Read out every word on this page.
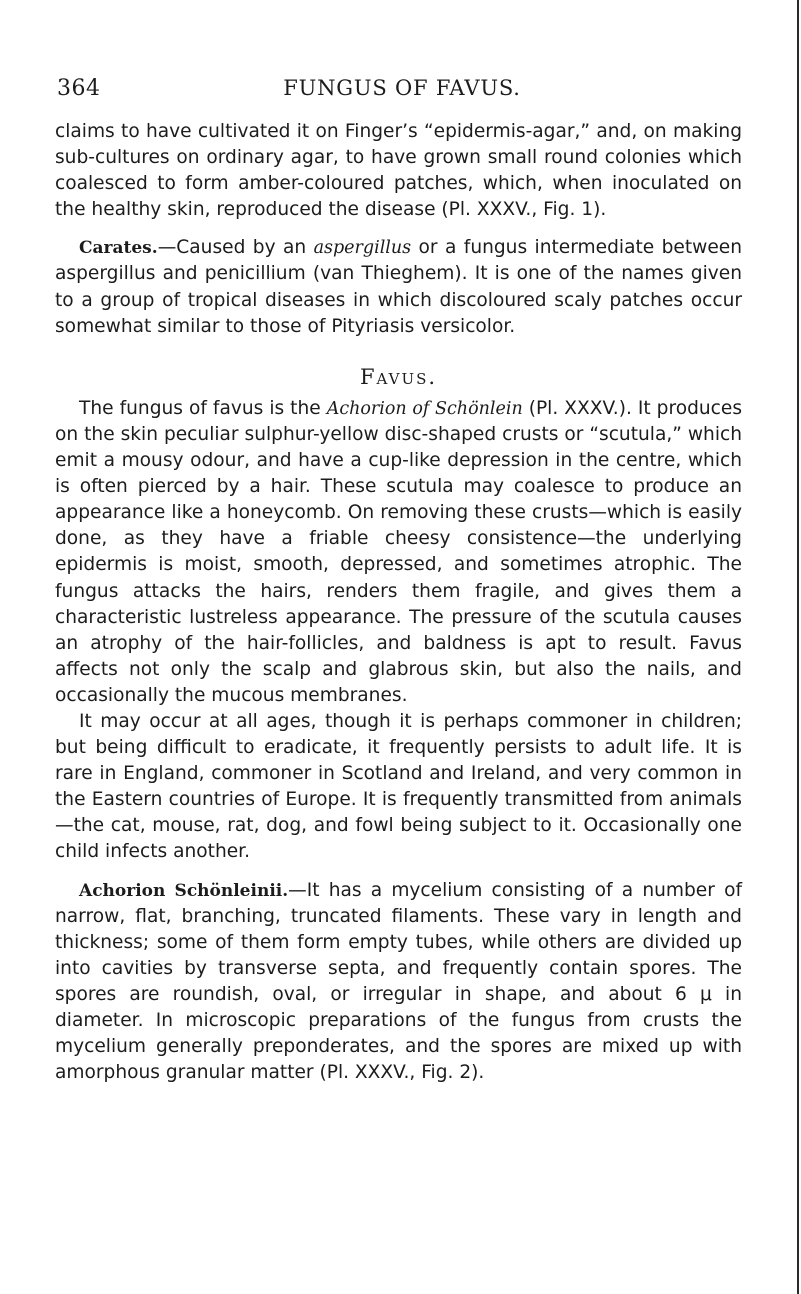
364	FUNGUS OF FAVUS.

claims to have cultivated it on Finger’s “epidermis-agar,” and, on making sub-cultures on ordinary agar, to have grown small round colonies which coalesced to form amber-coloured patches, which, when inoculated on the healthy skin, reproduced the disease (Pl. XXXV., Fig. 1).

Carates.—Caused by an aspergillus or a fungus intermediate between aspergillus and penicillium (van Thieghem). It is one of the names given to a group of tropical diseases in which discoloured scaly patches occur somewhat similar to those of Pityriasis versicolor.

Favus.

The fungus of favus is the Achorion of Schönlein (Pl. XXXV.). It produces on the skin peculiar sulphur-yellow disc-shaped crusts or “scutula,” which emit a mousy odour, and have a cup-like depression in the centre, which is often pierced by a hair. These scutula may coalesce to produce an appearance like a honeycomb. On removing these crusts—which is easily done, as they have a friable cheesy consistence—the underlying epidermis is moist, smooth, depressed, and sometimes atrophic. The fungus attacks the hairs, renders them fragile, and gives them a characteristic lustreless appearance. The pressure of the scutula causes an atrophy of the hair-follicles, and baldness is apt to result. Favus affects not only the scalp and glabrous skin, but also the nails, and occasionally the mucous membranes.

It may occur at all ages, though it is perhaps commoner in children; but being difficult to eradicate, it frequently persists to adult life. It is rare in England, commoner in Scotland and Ireland, and very common in the Eastern countries of Europe. It is frequently transmitted from animals—the cat, mouse, rat, dog, and fowl being subject to it. Occasionally one child infects another.

Achorion Schönleinii.—It has a mycelium consisting of a number of narrow, flat, branching, truncated filaments. These vary in length and thickness; some of them form empty tubes, while others are divided up into cavities by transverse septa, and frequently contain spores. The spores are roundish, oval, or irregular in shape, and about 6 μ in diameter. In microscopic preparations of the fungus from crusts the mycelium generally preponderates, and the spores are mixed up with amorphous granular matter (Pl. XXXV., Fig. 2).
